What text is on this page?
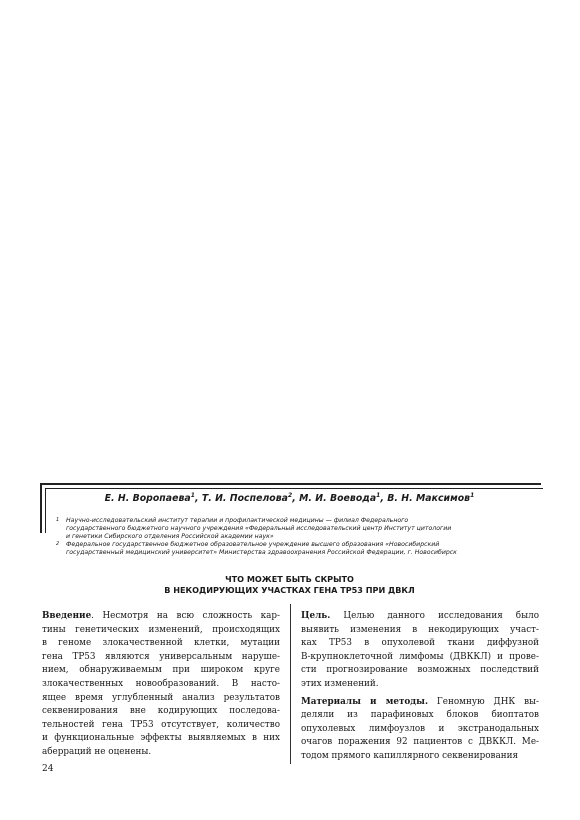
Е. Н. Воропаева$^1$, Т. И. Поспелова$^2$, М. И. Воевода$^1$, В. Н. Максимов$^1$
1 Научно-исследовательский институт терапии и профилактической медицины — филиал Федерального
государственного бюджетного научного учреждения «Федеральный исследовательский центр Институт цитологии
и генетики Сибирского отделения Российской академии наук»
2 Федеральное государственное бюджетное образовательное учреждение высшего образования «Новосибирский
государственный медицинский университет» Министерства здравоохранения Российской Федерации, г. Новосибирск
ЧТО МОЖЕТ БЫТЬ СКРЫТО
В НЕКОДИРУЮЩИХ УЧАСТКАХ ГЕНА TP53 ПРИ ДВКЛ

Введение. Несмотря на всю сложность кар-
тины генетических изменений, происходящих
в геноме злокачественной клетки, мутации
гена TP53 являются универсальным наруше-
нием, обнаруживаемым при широком круге
злокачественных новообразований. В насто-
ящее время углубленный анализ результатов
секвенирования вне кодирующих последова-
тельностей гена TP53 отсутствует, количество
и функциональные эффекты выявляемых в них
аберраций не оценены.

Цель. Целью данного исследования было
выявить изменения в некодирующих участ-
ках TP53 в опухолевой ткани диффузной
В-крупноклеточной лимфомы (ДВККЛ) и прове-
сти прогнозирование возможных последствий
этих изменений.

Материалы и методы. Геномную ДНК вы-
деляли из парафиновых блоков биоптатов
опухолевых лимфоузлов и экстранодальных
очагов поражения 92 пациентов с ДВККЛ. Ме-
тодом прямого капиллярного секвенирования

24
